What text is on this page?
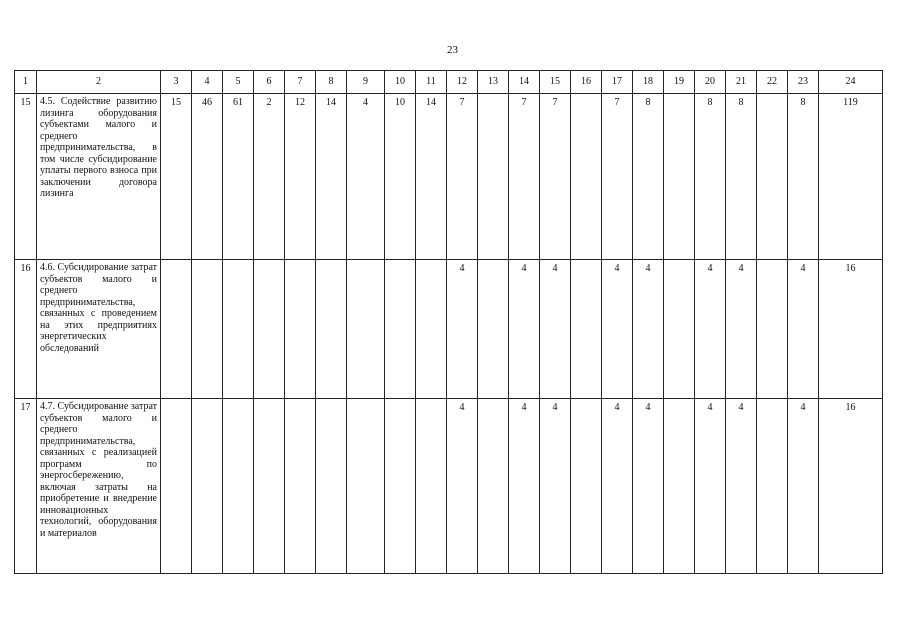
23
1	2	3	4	5	6	7	8	9	10	11	12	13	14	15	16	17	18	19	20	21	22	23	24
15	4.5. Содействие развитию лизинга оборудования субъектами малого и среднего предпринимательства, в том числе субсидирование уплаты первого взноса при заключении договора лизинга	15	46	61	2	12	14	4	10	14	7		7	7		7	8		8	8		8	119
16	4.6. Субсидирование затрат субъектов малого и среднего предпринимательства, связанных с проведением на этих предприятиях энергетических обследований										4		4	4		4	4		4	4		4	16
17	4.7. Субсидирование затрат субъектов малого и среднего предпринимательства, связанных с реализацией программ по энергосбережению, включая затраты на приобретение и внедрение инновационных технологий, оборудования и материалов										4		4	4		4	4		4	4		4	16
